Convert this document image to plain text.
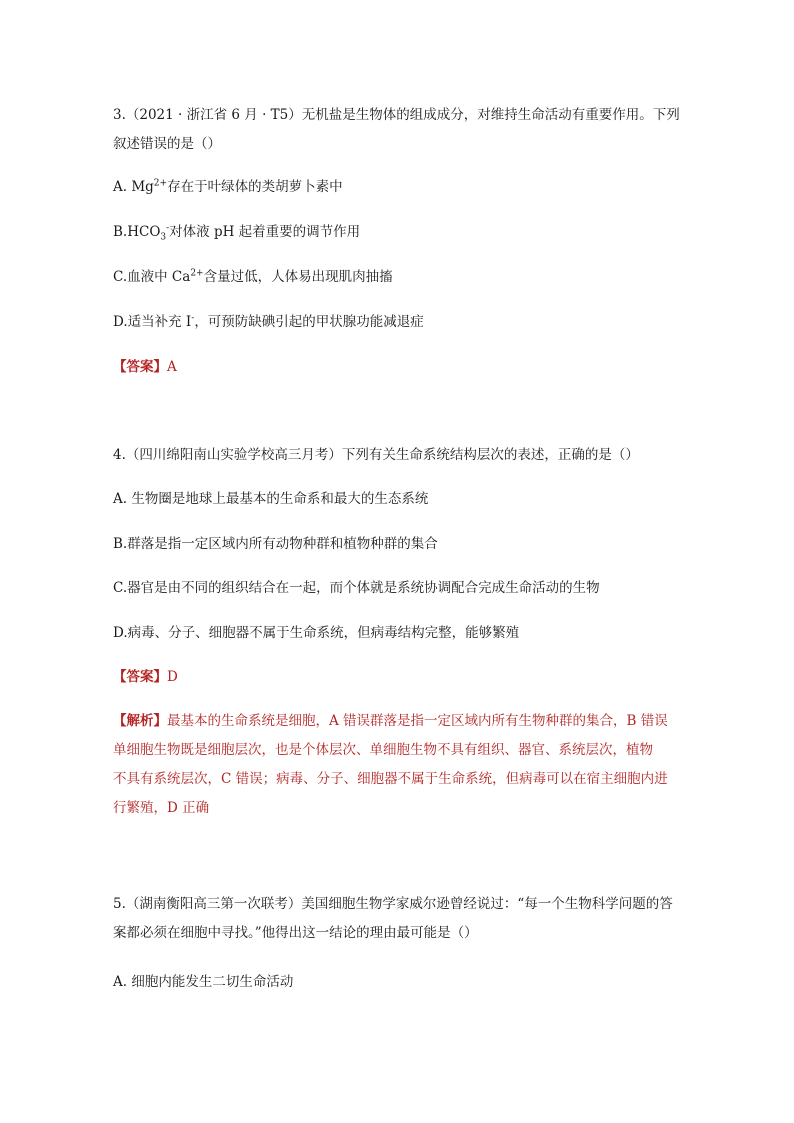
3.（2021 · 浙江省 6 月 · T5）无机盐是生物体的组成成分，对维持生命活动有重要作用。下列
叙述错误的是（）
A. $Mg^{2+}$存在于叶绿体的类胡萝卜素中
$B.HCO_3^-$对体液 pH 起着重要的调节作用
C.血液中 $Ca^{2+}$含量过低，人体易出现肌肉抽搐
D.适当补充 I-，可预防缺碘引起的甲状腺功能减退症
【答案】A
4.（四川绵阳南山实验学校高三月考）下列有关生命系统结构层次的表述，正确的是（）
A. 生物圈是地球上最基本的生命系和最大的生态系统
B.群落是指一定区域内所有动物种群和植物种群的集合
C.器官是由不同的组织结合在一起，而个体就是系统协调配合完成生命活动的生物
D.病毒、分子、细胞器不属于生命系统，但病毒结构完整，能够繁殖
【答案】D
【解析】最基本的生命系统是细胞，A 错误群落是指一定区域内所有生物种群的集合，B 错误
单细胞生物既是细胞层次，也是个体层次、单细胞生物不具有组织、器官、系统层次，植物
不具有系统层次，C 错误；病毒、分子、细胞器不属于生命系统，但病毒可以在宿主细胞内进
行繁殖，D 正确
5.（湖南衡阳高三第一次联考）美国细胞生物学家威尔逊曾经说过：“每一个生物科学问题的答
案都必须在细胞中寻找。”他得出这一结论的理由最可能是（）
A. 细胞内能发生二切生命活动
